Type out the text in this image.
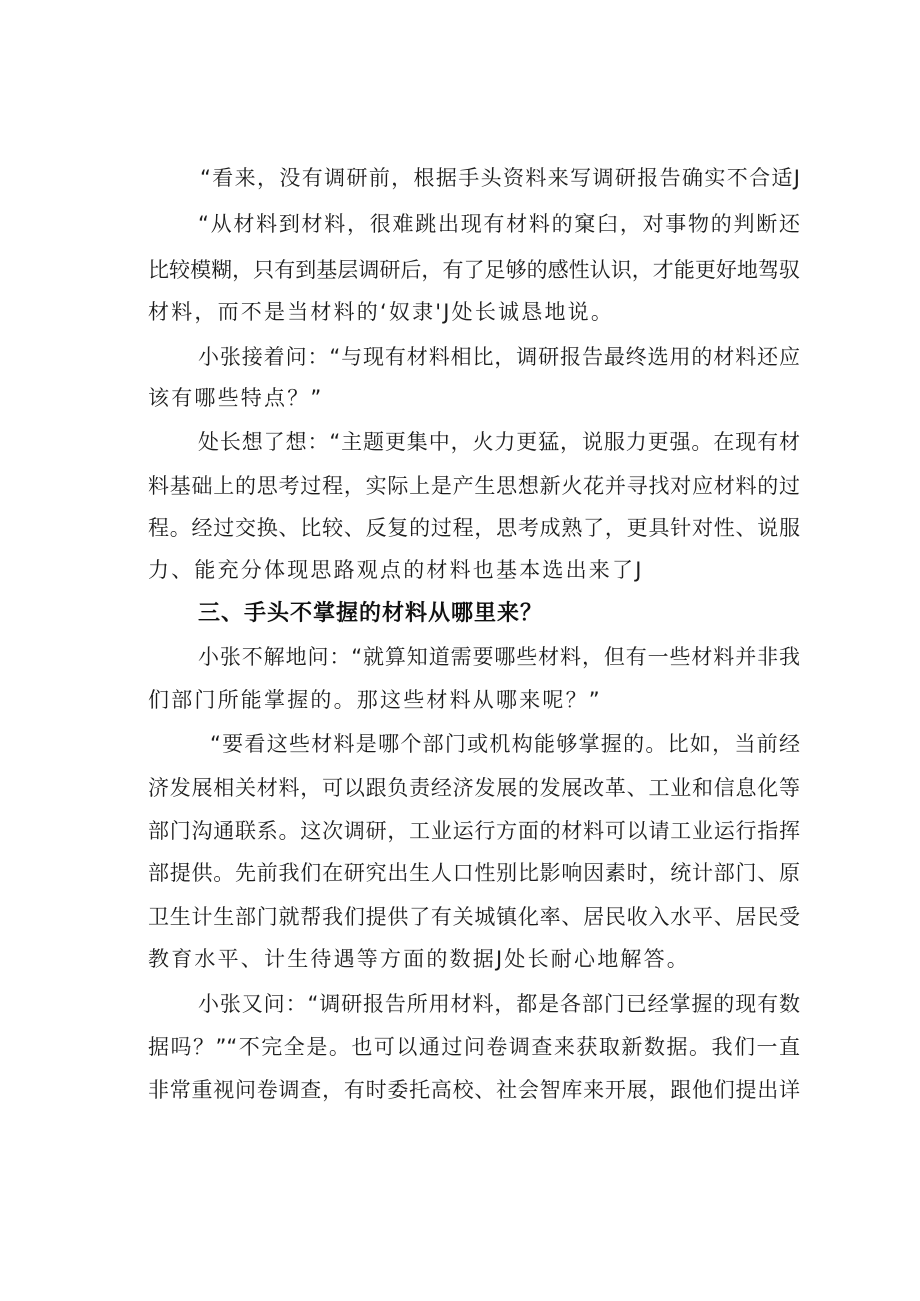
“看来，没有调研前，根据手头资料来写调研报告确实不合适J
“从材料到材料，很难跳出现有材料的窠臼，对事物的判断还
比较模糊，只有到基层调研后，有了足够的感性认识，才能更好地驾驭
材料，而不是当材料的‘奴隶'J处长诚恳地说。
小张接着问：“与现有材料相比，调研报告最终选用的材料还应
该有哪些特点？”
处长想了想：“主题更集中，火力更猛，说服力更强。在现有材
料基础上的思考过程，实际上是产生思想新火花并寻找对应材料的过
程。经过交换、比较、反复的过程，思考成熟了，更具针对性、说服
力、能充分体现思路观点的材料也基本选出来了J
三、手头不掌握的材料从哪里来？
小张不解地问：“就算知道需要哪些材料，但有一些材料并非我
们部门所能掌握的。那这些材料从哪来呢？”
“要看这些材料是哪个部门或机构能够掌握的。比如，当前经
济发展相关材料，可以跟负责经济发展的发展改革、工业和信息化等
部门沟通联系。这次调研，工业运行方面的材料可以请工业运行指挥
部提供。先前我们在研究出生人口性别比影响因素时，统计部门、原
卫生计生部门就帮我们提供了有关城镇化率、居民收入水平、居民受
教育水平、计生待遇等方面的数据J处长耐心地解答。
小张又问：“调研报告所用材料，都是各部门已经掌握的现有数
据吗？”“不完全是。也可以通过问卷调查来获取新数据。我们一直
非常重视问卷调查，有时委托高校、社会智库来开展，跟他们提出详
